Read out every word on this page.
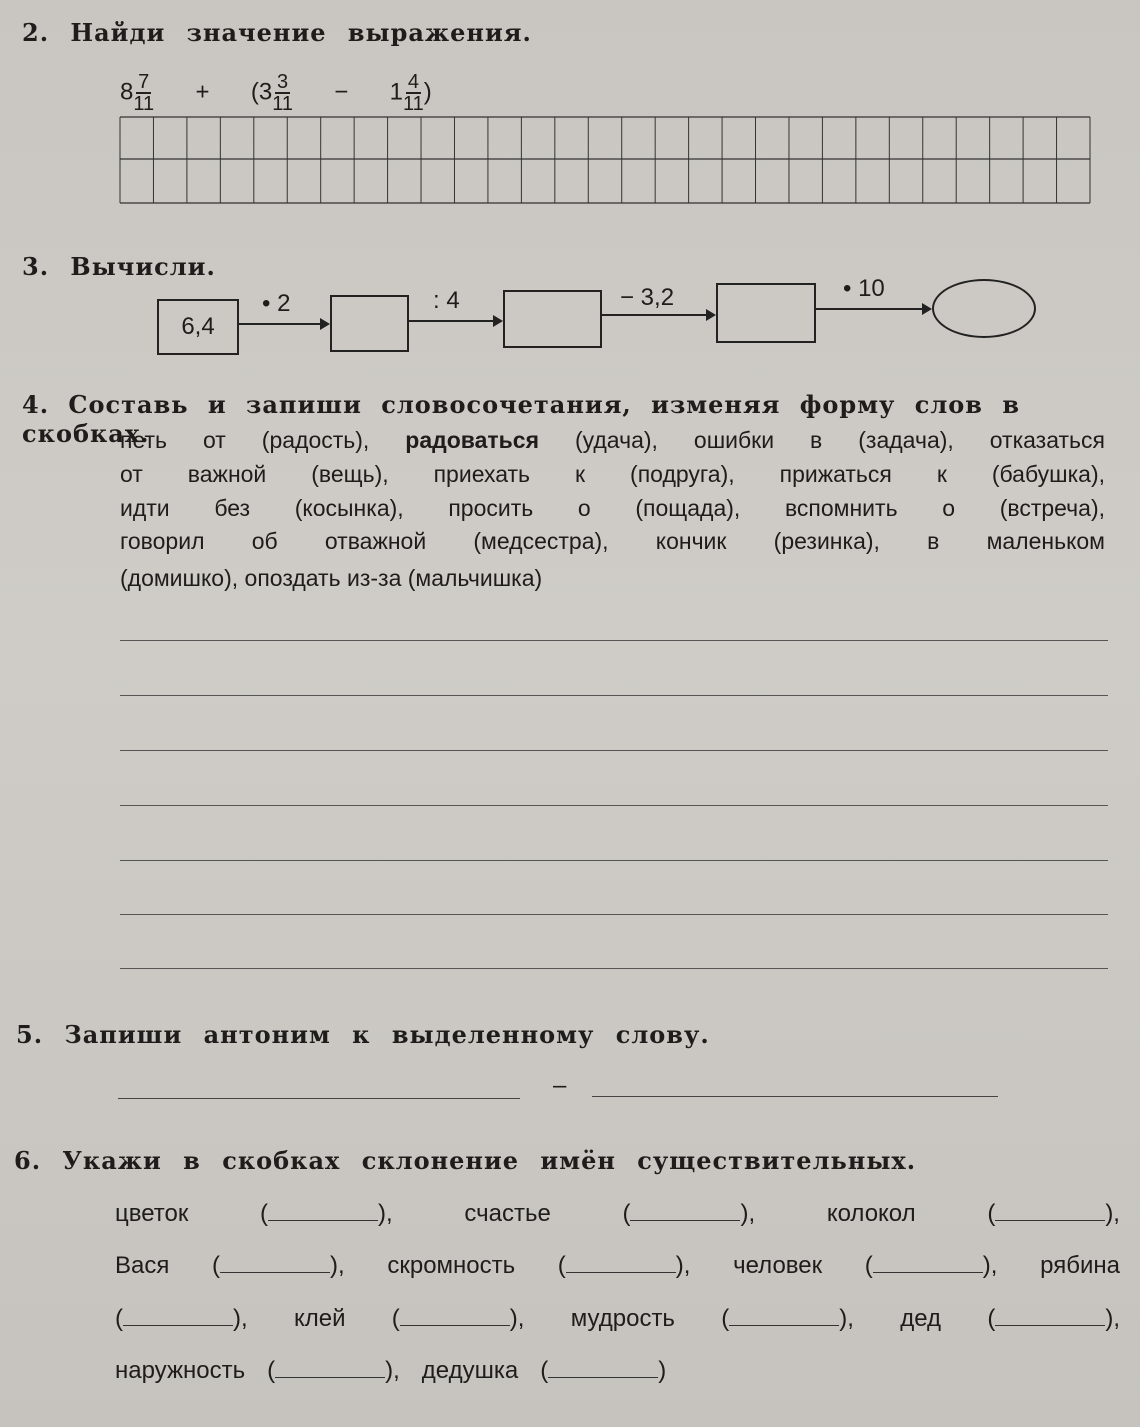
2. Найди значение выражения.
$8 \frac{7}{11} + (3 \frac{3}{11} - 1 \frac{4}{11}$ )
3. Вычисли.
6,4
• 2	: 4	− 3,2	• 10
4. Составь и запиши словосочетания, изменяя форму слов в скобках.
петь от (радость), радоваться (удача), ошибки в (задача), отказаться
от важной (вещь), приехать к (подруга), прижаться к (бабушка),
идти без (косынка), просить о (пощада), вспомнить о (встреча),
говорил об отважной (медсестра), кончик (резинка), в маленьком
(домишко), опоздать из-за (мальчишка)
5. Запиши антоним к выделенному слову.
–
6. Укажи в скобках склонение имён существительных.
цветок	(	),	счастье	(	),	колокол	(	),
Вася (	), скромность (	), человек (	), рябина
(	), клей (	), мудрость (	), дед (	),
наружность (	), дедушка (	)
